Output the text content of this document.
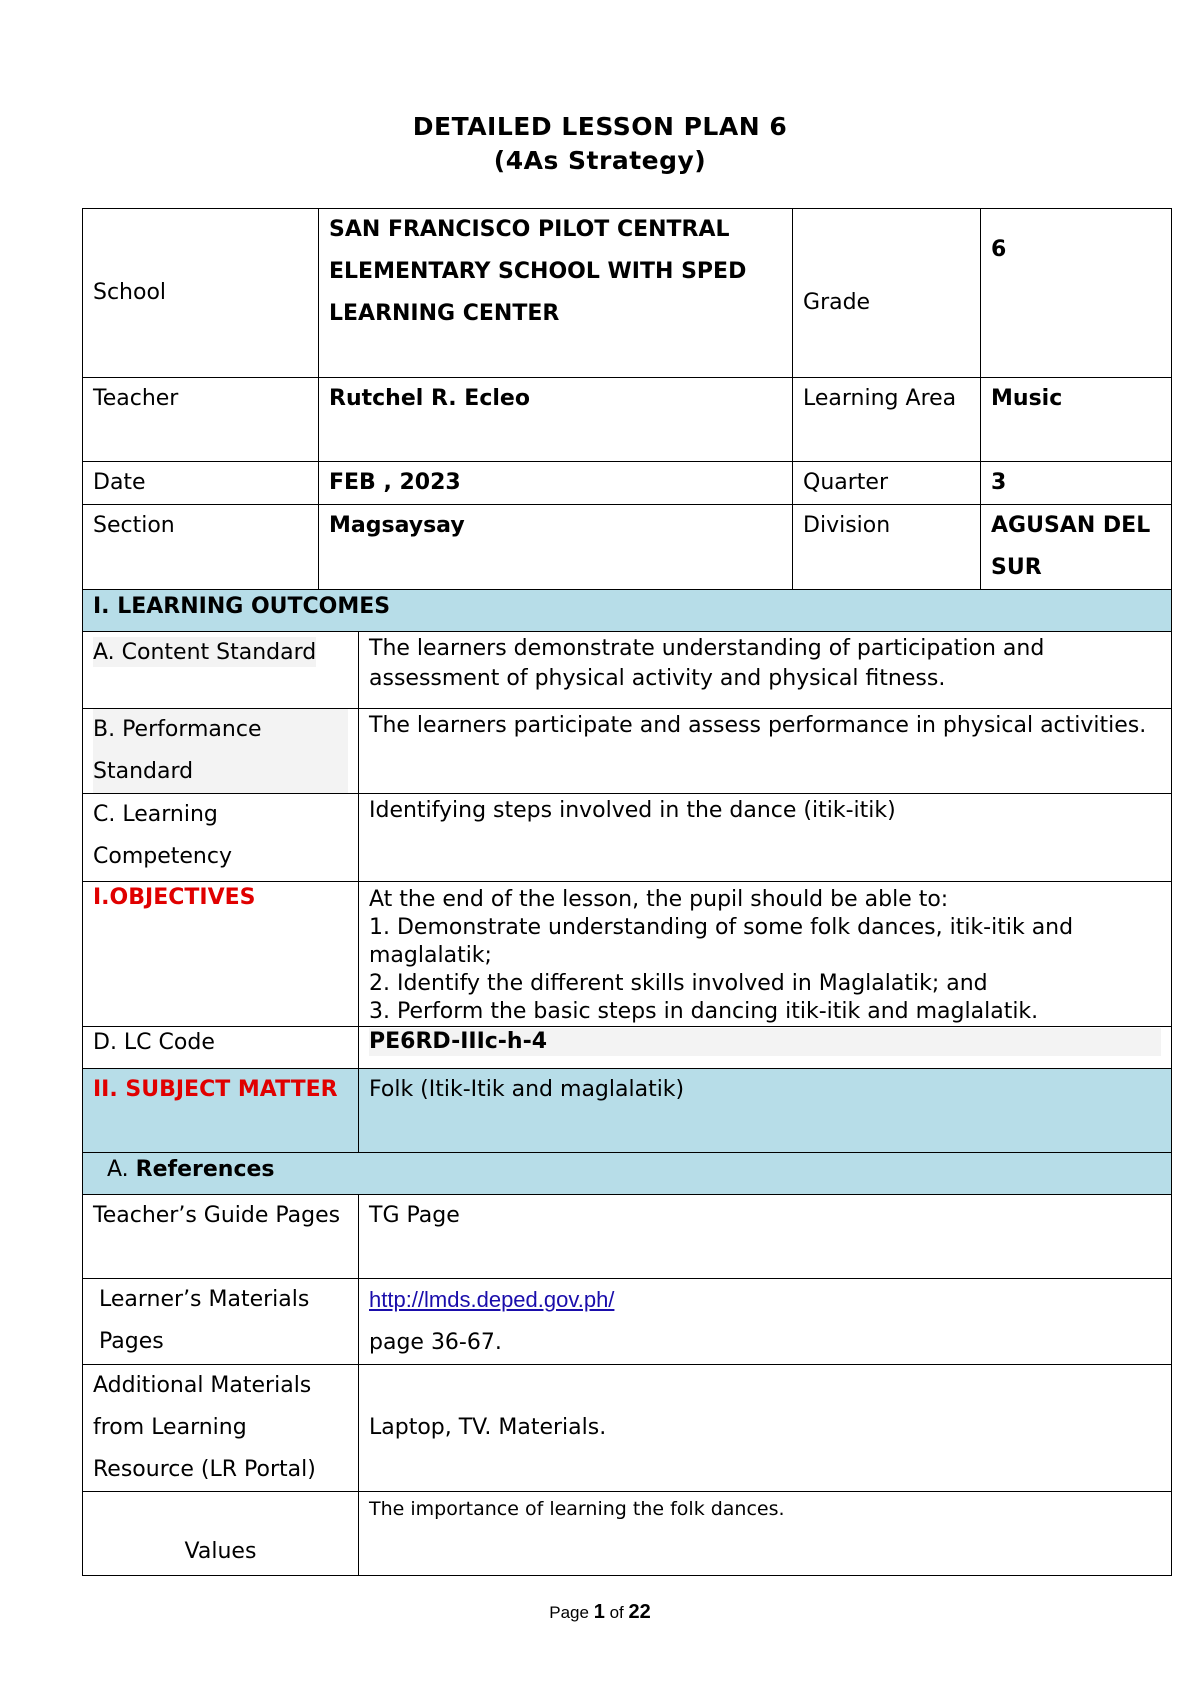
DETAILED LESSON PLAN 6
(4As Strategy)
School	SAN FRANCISCO PILOT CENTRAL ELEMENTARY SCHOOL WITH SPED LEARNING CENTER		Grade	6
Teacher	Rutchel R. Ecleo		Learning Area	Music
Date	FEB , 2023		Quarter	3
Section	Magsaysay		Division	AGUSAN DEL SUR
I. LEARNING OUTCOMES				
A. Content Standard		The learners demonstrate understanding of participation and assessment of physical activity and physical fitness.		
B. Performance Standard		The learners participate and assess performance in physical activities.		
C. Learning Competency		Identifying steps involved in the dance (itik-itik)		
I.OBJECTIVES		At the end of the lesson, the pupil should be able to:
1. Demonstrate understanding of some folk dances, itik-itik and maglalatik;
2. Identify the different skills involved in Maglalatik; and
3. Perform the basic steps in dancing itik-itik and maglalatik.		

D. LC Code		PE6RD-IIIc-h-4		

II. SUBJECT MATTER		Folk (Itik-Itik and maglalatik)		
A. References				
Teacher’s Guide Pages		TG Page		
Learner’s Materials Pages		http://lmds.deped.gov.ph/
page 36-67.		

Additional Materials from Learning Resource (LR Portal)		Laptop, TV. Materials.		
Values		The importance of learning the folk dances.		
Page 1 of 22
